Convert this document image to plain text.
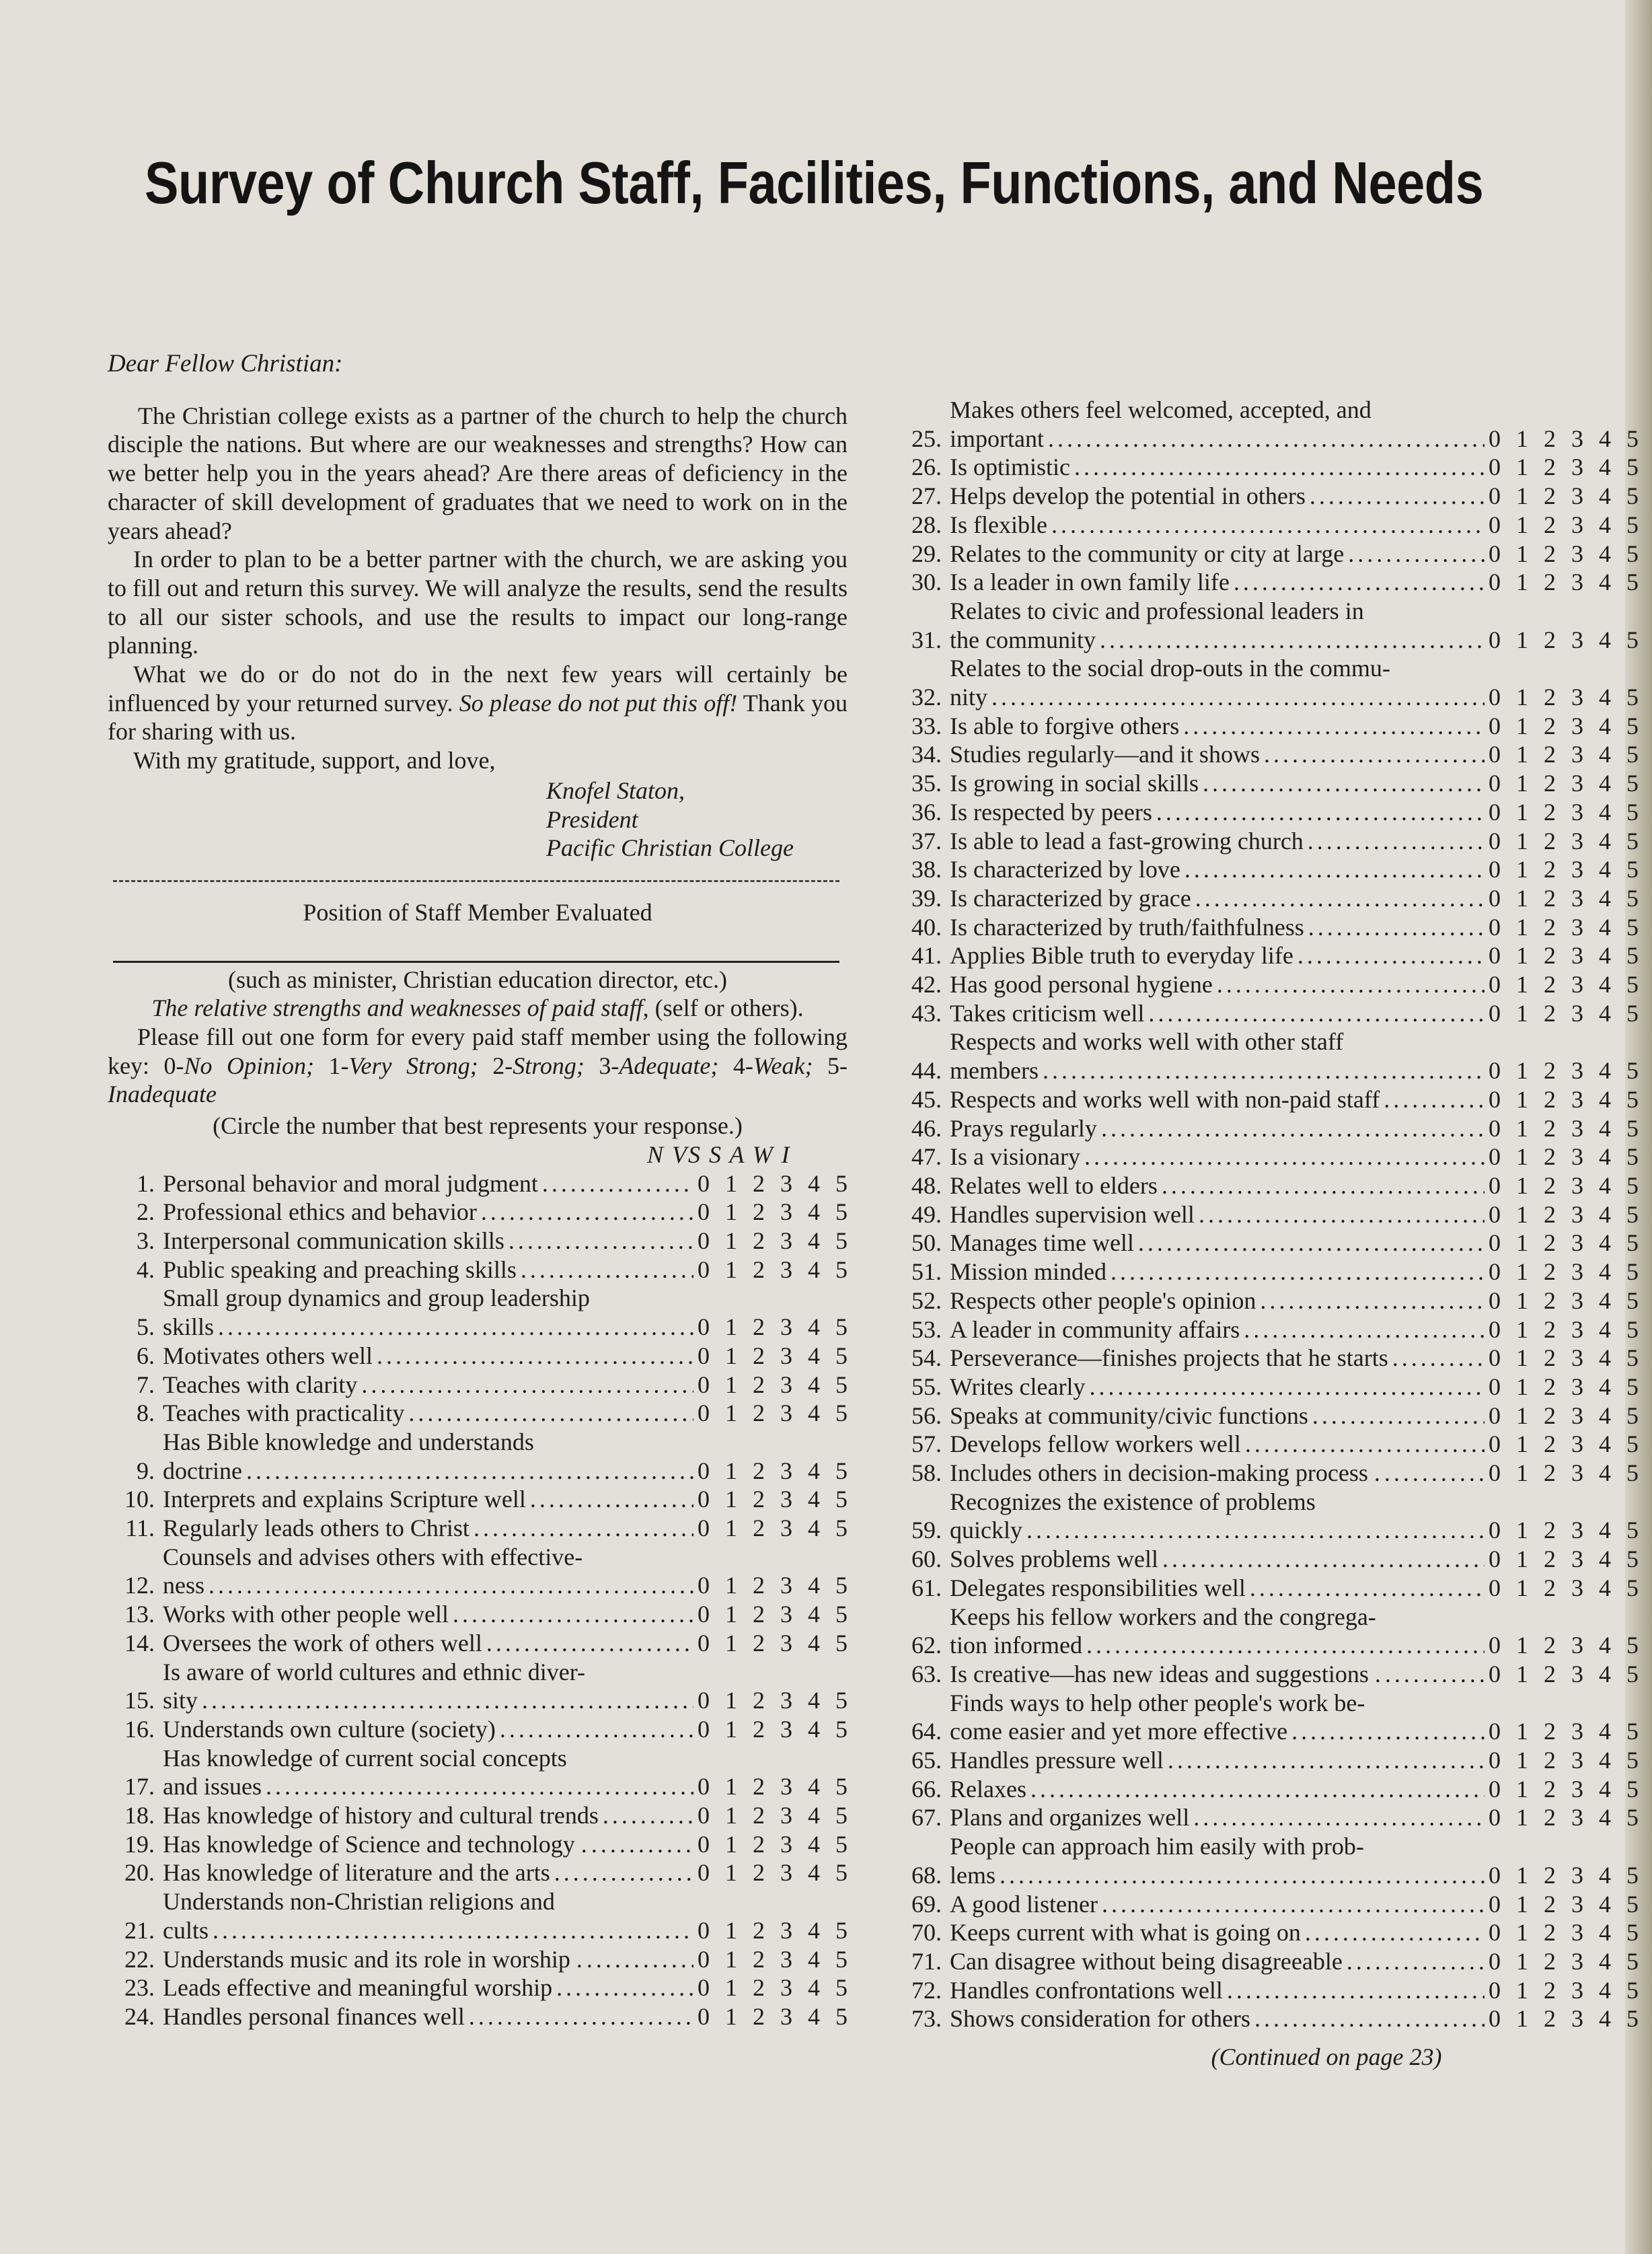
Survey of Church Staff, Facilities, Functions, and Needs

Dear Fellow Christian:

The Christian college exists as a partner of the church to help the church disciple the nations. But where are our weaknesses and strengths? How can we better help you in the years ahead? Are there areas of deficiency in the character of skill development of graduates that we need to work on in the years ahead?

In order to plan to be a better partner with the church, we are asking you to fill out and return this survey. We will analyze the results, send the results to all our sister schools, and use the results to impact our long-range planning.

What we do or do not do in the next few years will certainly be influenced by your returned survey. So please do not put this off! Thank you for sharing with us.

With my gratitude, support, and love,

Knofel Staton,
President
Pacific Christian College
Position of Staff Member Evaluated
(such as minister, Christian education director, etc.)

The relative strengths and weaknesses of paid staff, (self or others).

Please fill out one form for every paid staff member using the following key: 0-No Opinion; 1-Very Strong; 2-Strong; 3-Adequate; 4-Weak; 5-Inadequate

(Circle the number that best represents your response.)
N VS S A W I
1. Personal behavior and moral judgment .....	0 1 2 3 4 5
2. Professional ethics and behavior .....	0 1 2 3 4 5
3. Interpersonal communication skills .....	0 1 2 3 4 5
4. Public speaking and preaching skills .....	0 1 2 3 4 5
5.
Small group dynamics and group leadership
skills .....	0 1 2 3 4 5
6. Motivates others well .....	0 1 2 3 4 5
7. Teaches with clarity .....	0 1 2 3 4 5
8. Teaches with practicality .....	0 1 2 3 4 5
9.
Has Bible knowledge and understands
doctrine .....	0 1 2 3 4 5
10. Interprets and explains Scripture well .....	0 1 2 3 4 5
11. Regularly leads others to Christ .....	0 1 2 3 4 5
12.
Counsels and advises others with effective-
ness .....	0 1 2 3 4 5
13. Works with other people well .....	0 1 2 3 4 5
14. Oversees the work of others well .....	0 1 2 3 4 5
15.
Is aware of world cultures and ethnic diver-
sity .....	0 1 2 3 4 5
16. Understands own culture (society) .....	0 1 2 3 4 5
17.
Has knowledge of current social concepts
and issues .....	0 1 2 3 4 5
18. Has knowledge of history and cultural trends .....	0 1 2 3 4 5
19. Has knowledge of Science and technology . .....	0 1 2 3 4 5
20. Has knowledge of literature and the arts .....	0 1 2 3 4 5
21.
Understands non-Christian religions and
cults .....	0 1 2 3 4 5
22. Understands music and its role in worship . .....	0 1 2 3 4 5
23. Leads effective and meaningful worship .....	0 1 2 3 4 5
24. Handles personal finances well .....	0 1 2 3 4 5
25.
Makes others feel welcomed, accepted, and
important .....	0 1 2 3 4 5
26. Is optimistic .....	0 1 2 3 4 5
27. Helps develop the potential in others .....	0 1 2 3 4 5
28. Is flexible .....	0 1 2 3 4 5
29. Relates to the community or city at large .....	0 1 2 3 4 5
30. Is a leader in own family life .....	0 1 2 3 4 5
31.
Relates to civic and professional leaders in
the community .....	0 1 2 3 4 5
32.
Relates to the social drop-outs in the commu-
nity .....	0 1 2 3 4 5
33. Is able to forgive others .....	0 1 2 3 4 5
34. Studies regularly—and it shows .....	0 1 2 3 4 5
35. Is growing in social skills .....	0 1 2 3 4 5
36. Is respected by peers .....	0 1 2 3 4 5
37. Is able to lead a fast-growing church .....	0 1 2 3 4 5
38. Is characterized by love .....	0 1 2 3 4 5
39. Is characterized by grace .....	0 1 2 3 4 5
40. Is characterized by truth/faithfulness .....	0 1 2 3 4 5
41. Applies Bible truth to everyday life .....	0 1 2 3 4 5
42. Has good personal hygiene .....	0 1 2 3 4 5
43. Takes criticism well .....	0 1 2 3 4 5
44.
Respects and works well with other staff
members .....	0 1 2 3 4 5
45. Respects and works well with non-paid staff .....	0 1 2 3 4 5
46. Prays regularly .....	0 1 2 3 4 5
47. Is a visionary .....	0 1 2 3 4 5
48. Relates well to elders .....	0 1 2 3 4 5
49. Handles supervision well .....	0 1 2 3 4 5
50. Manages time well .....	0 1 2 3 4 5
51. Mission minded .....	0 1 2 3 4 5
52. Respects other people's opinion .....	0 1 2 3 4 5
53. A leader in community affairs .....	0 1 2 3 4 5
54. Perseverance—finishes projects that he starts .....	0 1 2 3 4 5
55. Writes clearly .....	0 1 2 3 4 5
56. Speaks at community/civic functions .....	0 1 2 3 4 5
57. Develops fellow workers well .....	0 1 2 3 4 5
58. Includes others in decision-making process . .....	0 1 2 3 4 5
59.
Recognizes the existence of problems
quickly .....	0 1 2 3 4 5
60. Solves problems well .....	0 1 2 3 4 5
61. Delegates responsibilities well .....	0 1 2 3 4 5
62.
Keeps his fellow workers and the congrega-
tion informed .....	0 1 2 3 4 5
63. Is creative—has new ideas and suggestions . .....	0 1 2 3 4 5
64.
Finds ways to help other people's work be-
come easier and yet more effective .....	0 1 2 3 4 5
65. Handles pressure well .....	0 1 2 3 4 5
66. Relaxes .....	0 1 2 3 4 5
67. Plans and organizes well .....	0 1 2 3 4 5
68.
People can approach him easily with prob-
lems .....	0 1 2 3 4 5
69. A good listener .....	0 1 2 3 4 5
70. Keeps current with what is going on .....	0 1 2 3 4 5
71. Can disagree without being disagreeable .....	0 1 2 3 4 5
72. Handles confrontations well .....	0 1 2 3 4 5
73. Shows consideration for others .....	0 1 2 3 4 5
(Continued on page 23)
